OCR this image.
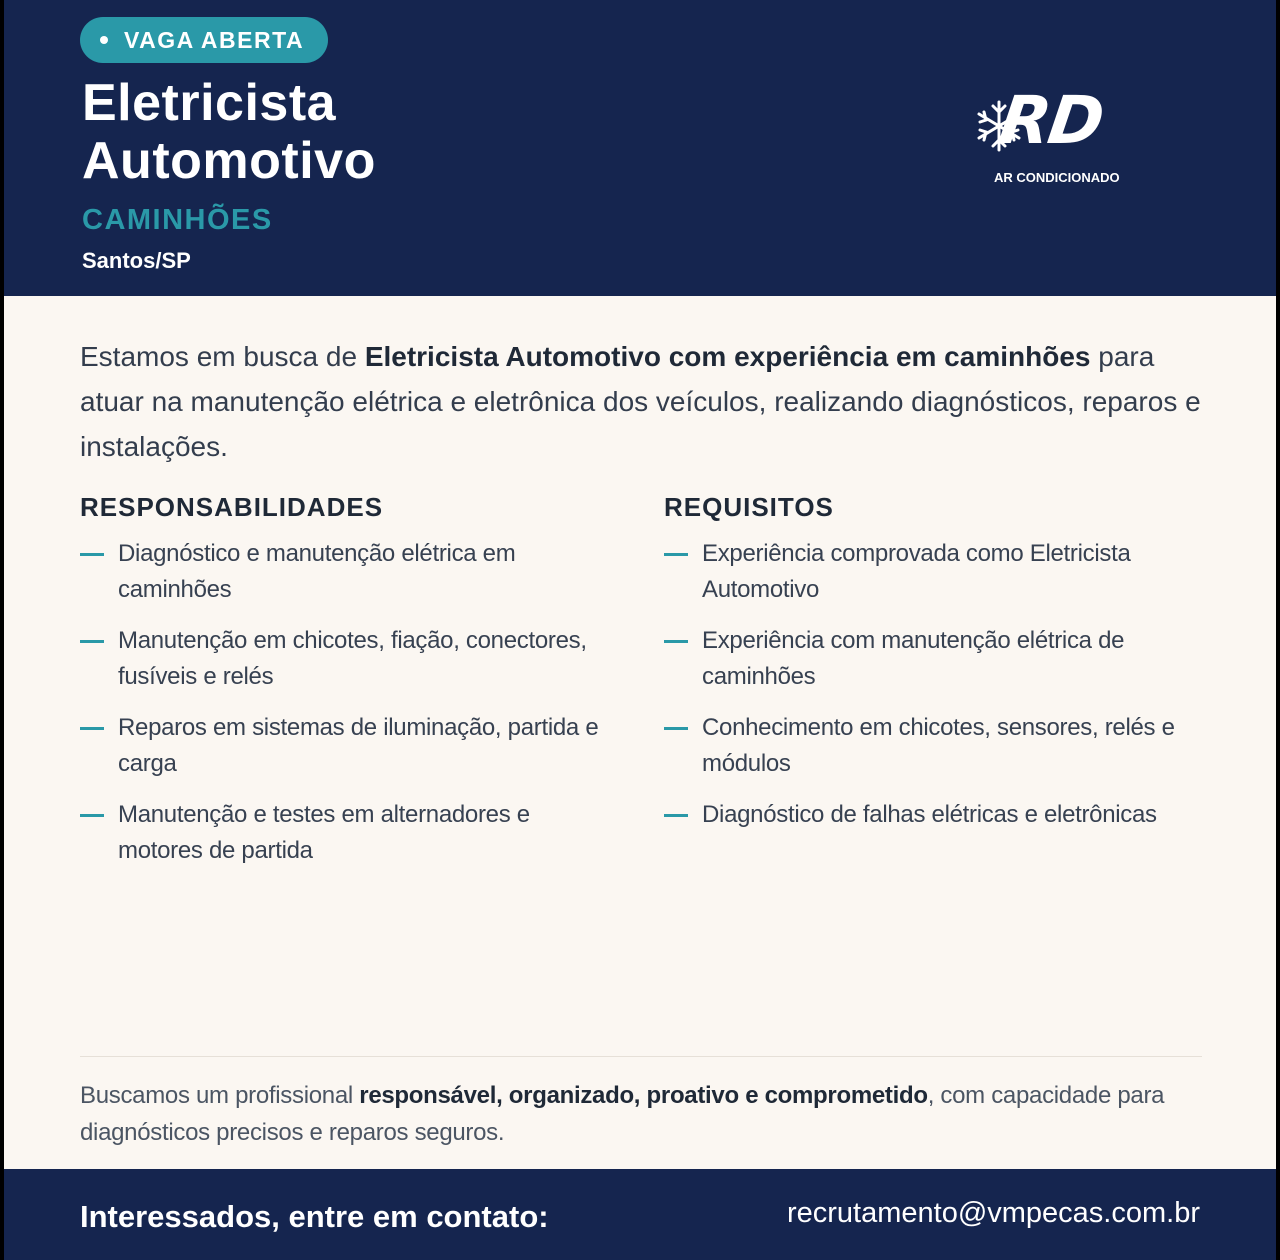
VAGA ABERTA
Eletricista
Automotivo
CAMINHÕES
Santos/SP
RD
AR CONDICIONADO

Estamos em busca de Eletricista Automotivo com experiência em caminhões para atuar na manutenção elétrica e eletrônica dos veículos, realizando diagnósticos, reparos e instalações.

RESPONSABILIDADES
Diagnóstico e manutenção elétrica em caminhões
Manutenção em chicotes, fiação, conectores, fusíveis e relés
Reparos em sistemas de iluminação, partida e carga
Manutenção e testes em alternadores e motores de partida
REQUISITOS
Experiência comprovada como Eletricista Automotivo
Experiência com manutenção elétrica de caminhões
Conhecimento em chicotes, sensores, relés e módulos
Diagnóstico de falhas elétricas e eletrônicas

Buscamos um profissional responsável, organizado, proativo e comprometido, com capacidade para diagnósticos precisos e reparos seguros.

Interessados, entre em contato:	recrutamento@vmpecas.com.br
